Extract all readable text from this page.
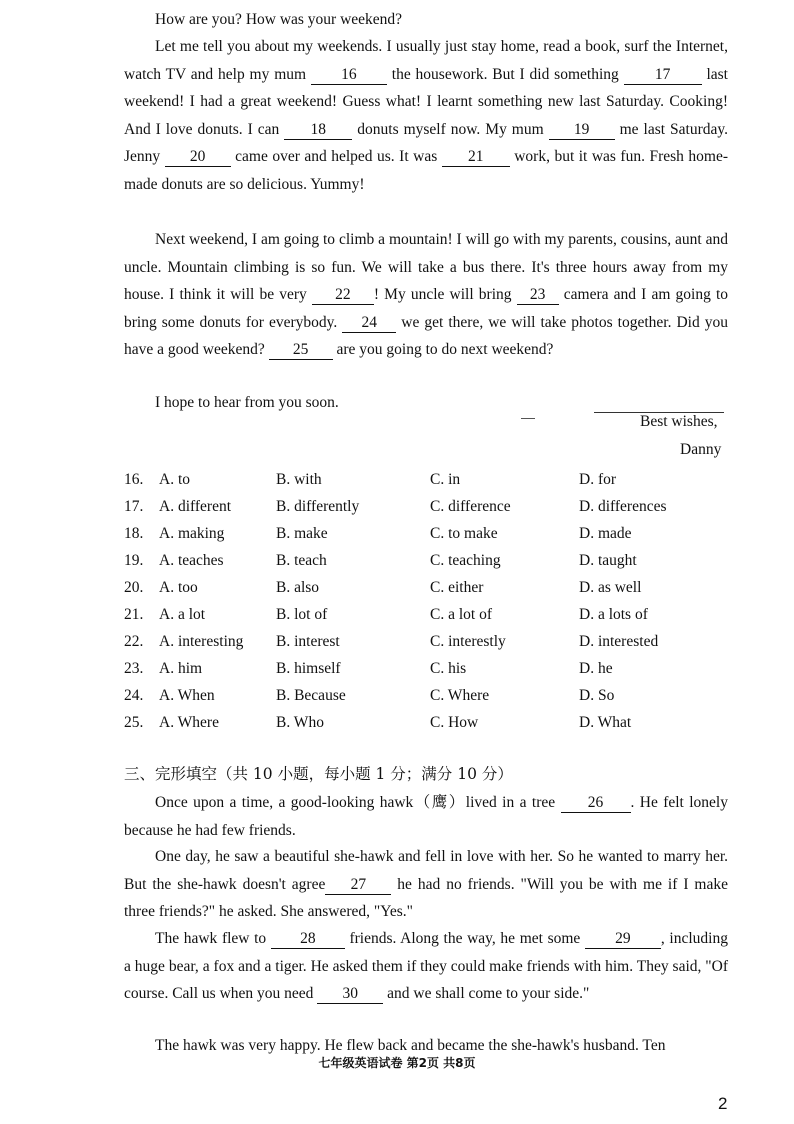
How are you? How was your weekend?

Let me tell you about my weekends. I usually just stay home, read a book, surf the Internet, watch TV and help my mum 16 the housework. But I did something 17 last weekend! I had a great weekend! Guess what! I learnt something new last Saturday. Cooking! And I love donuts. I can 18 donuts myself now. My mum 19 me last Saturday. Jenny 20 came over and helped us. It was 21 work, but it was fun. Fresh home-made donuts are so delicious. Yummy!

Next weekend, I am going to climb a mountain! I will go with my parents, cousins, aunt and uncle. Mountain climbing is so fun. We will take a bus there. It's three hours away from my house. I think it will be very 22 ! My uncle will bring 23 camera and I am going to bring some donuts for everybody. 24 we get there, we will take photos together. Did you have a good weekend? 25 are you going to do next weekend?

I hope to hear from you soon.

Best wishes,
Danny
16. A. to	B. with	C. in	D. for
17. A. different	B. differently	C. difference	D. differences
18. A. making	B. make	C. to make	D. made
19. A. teaches	B. teach	C. teaching	D. taught
20. A. too	B. also	C. either	D. as well
21. A. a lot	B. lot of	C. a lot of	D. a lots of
22. A. interesting B. interest	C. interestly	D. interested
23. A. him	B. himself	C. his	D. he
24. A. When	B. Because	C. Where	D. So
25. A. Where	B. Who	C. How	D. What
三、完形填空（共 10 小题，每小题 1 分；满分 10 分）

Once upon a time, a good-looking hawk（鹰）lived in a tree 26 . He felt lonely because he had few friends.

One day, he saw a beautiful she-hawk and fell in love with her. So he wanted to marry her. But the she-hawk doesn't agree 27 he had no friends. "Will you be with me if I make three friends?" he asked. She answered, "Yes."

The hawk flew to 28 friends. Along the way, he met some 29 , including a huge bear, a fox and a tiger. He asked them if they could make friends with him. They said, "Of course. Call us when you need 30 and we shall come to your side."

The hawk was very happy. He flew back and became the she-hawk's husband. Ten

七年级英语试卷 第2页 共8页
2
